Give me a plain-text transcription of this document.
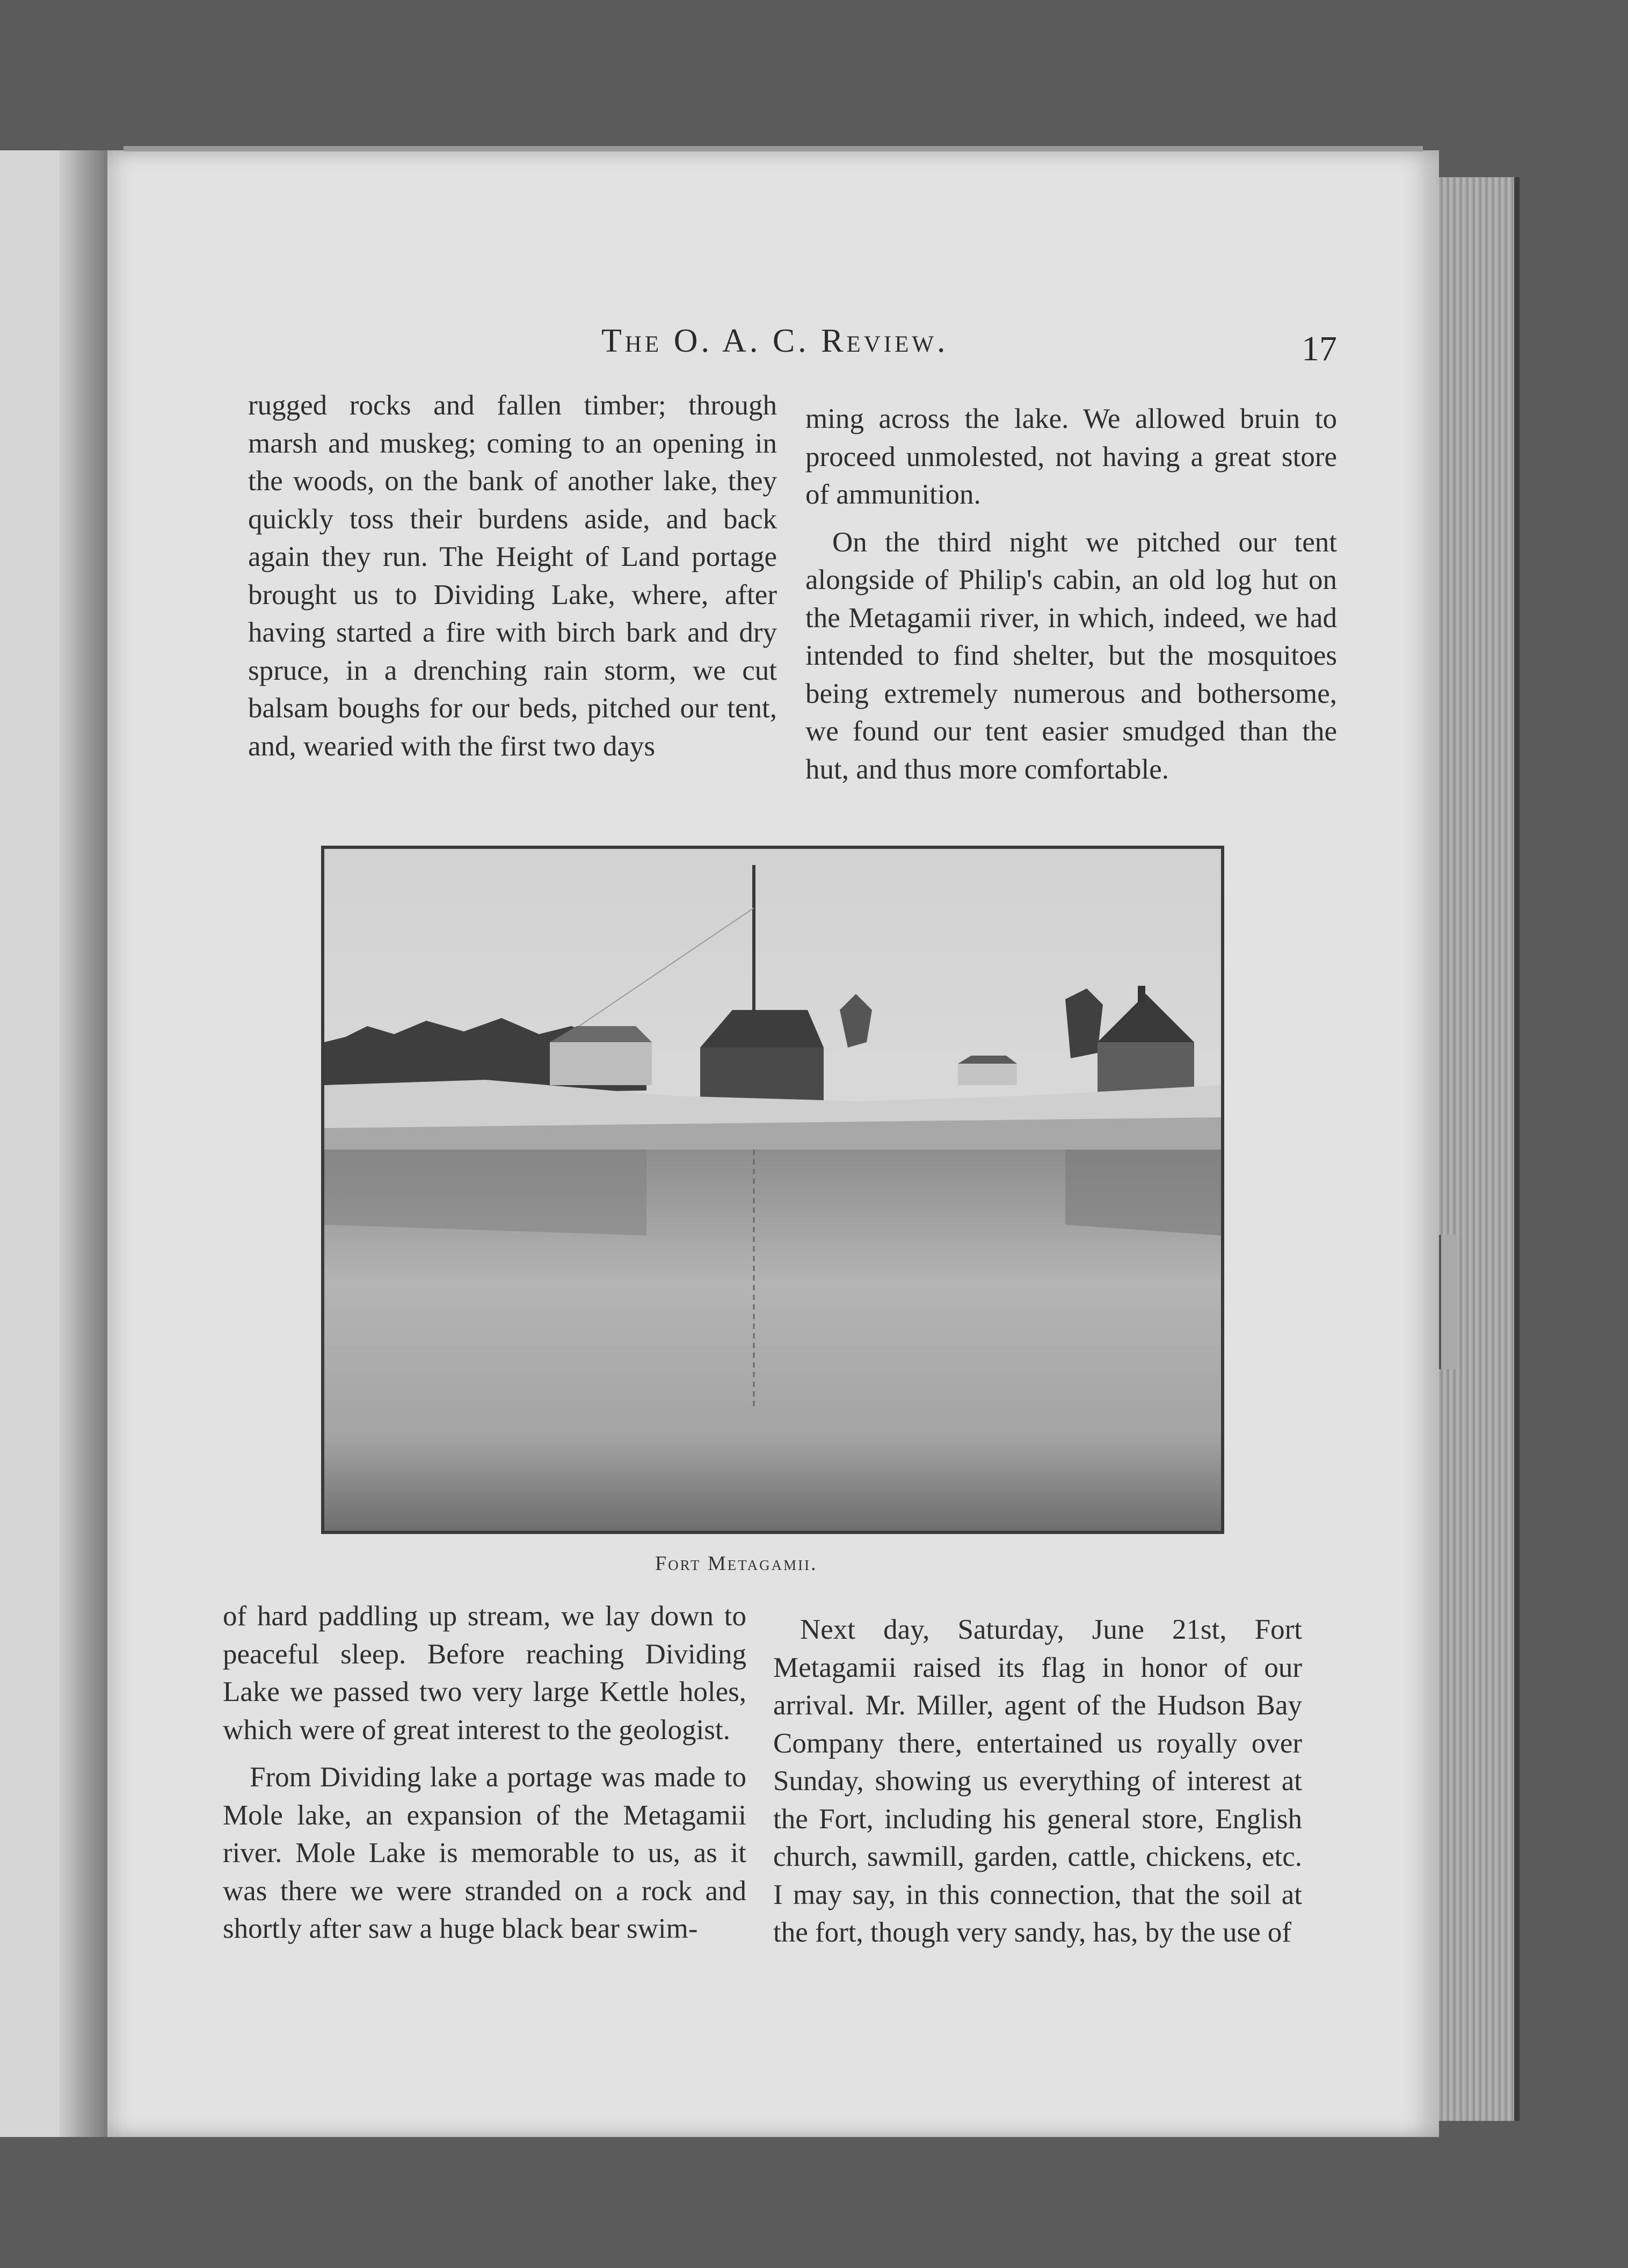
The O. A. C. Review.	17

rugged rocks and fallen timber; through marsh and muskeg; coming to an opening in the woods, on the bank of another lake, they quickly toss their burdens aside, and back again they run. The Height of Land portage brought us to Dividing Lake, where, after having started a fire with birch bark and dry spruce, in a drenching rain storm, we cut balsam boughs for our beds, pitched our tent, and, wearied with the first two days

ming across the lake. We allowed bruin to proceed unmolested, not having a great store of ammunition.

On the third night we pitched our tent alongside of Philip's cabin, an old log hut on the Metagamii river, in which, indeed, we had intended to find shelter, but the mosquitoes being extremely numerous and bothersome, we found our tent easier smudged than the hut, and thus more comfortable.

Fort Metagamii.

of hard paddling up stream, we lay down to peaceful sleep. Before reaching Dividing Lake we passed two very large Kettle holes, which were of great interest to the geologist.

From Dividing lake a portage was made to Mole lake, an expansion of the Metagamii river. Mole Lake is memorable to us, as it was there we were stranded on a rock and shortly after saw a huge black bear swim-

Next day, Saturday, June 21st, Fort Metagamii raised its flag in honor of our arrival. Mr. Miller, agent of the Hudson Bay Company there, entertained us royally over Sunday, showing us everything of interest at the Fort, including his general store, English church, sawmill, garden, cattle, chickens, etc. I may say, in this connection, that the soil at the fort, though very sandy, has, by the use of
